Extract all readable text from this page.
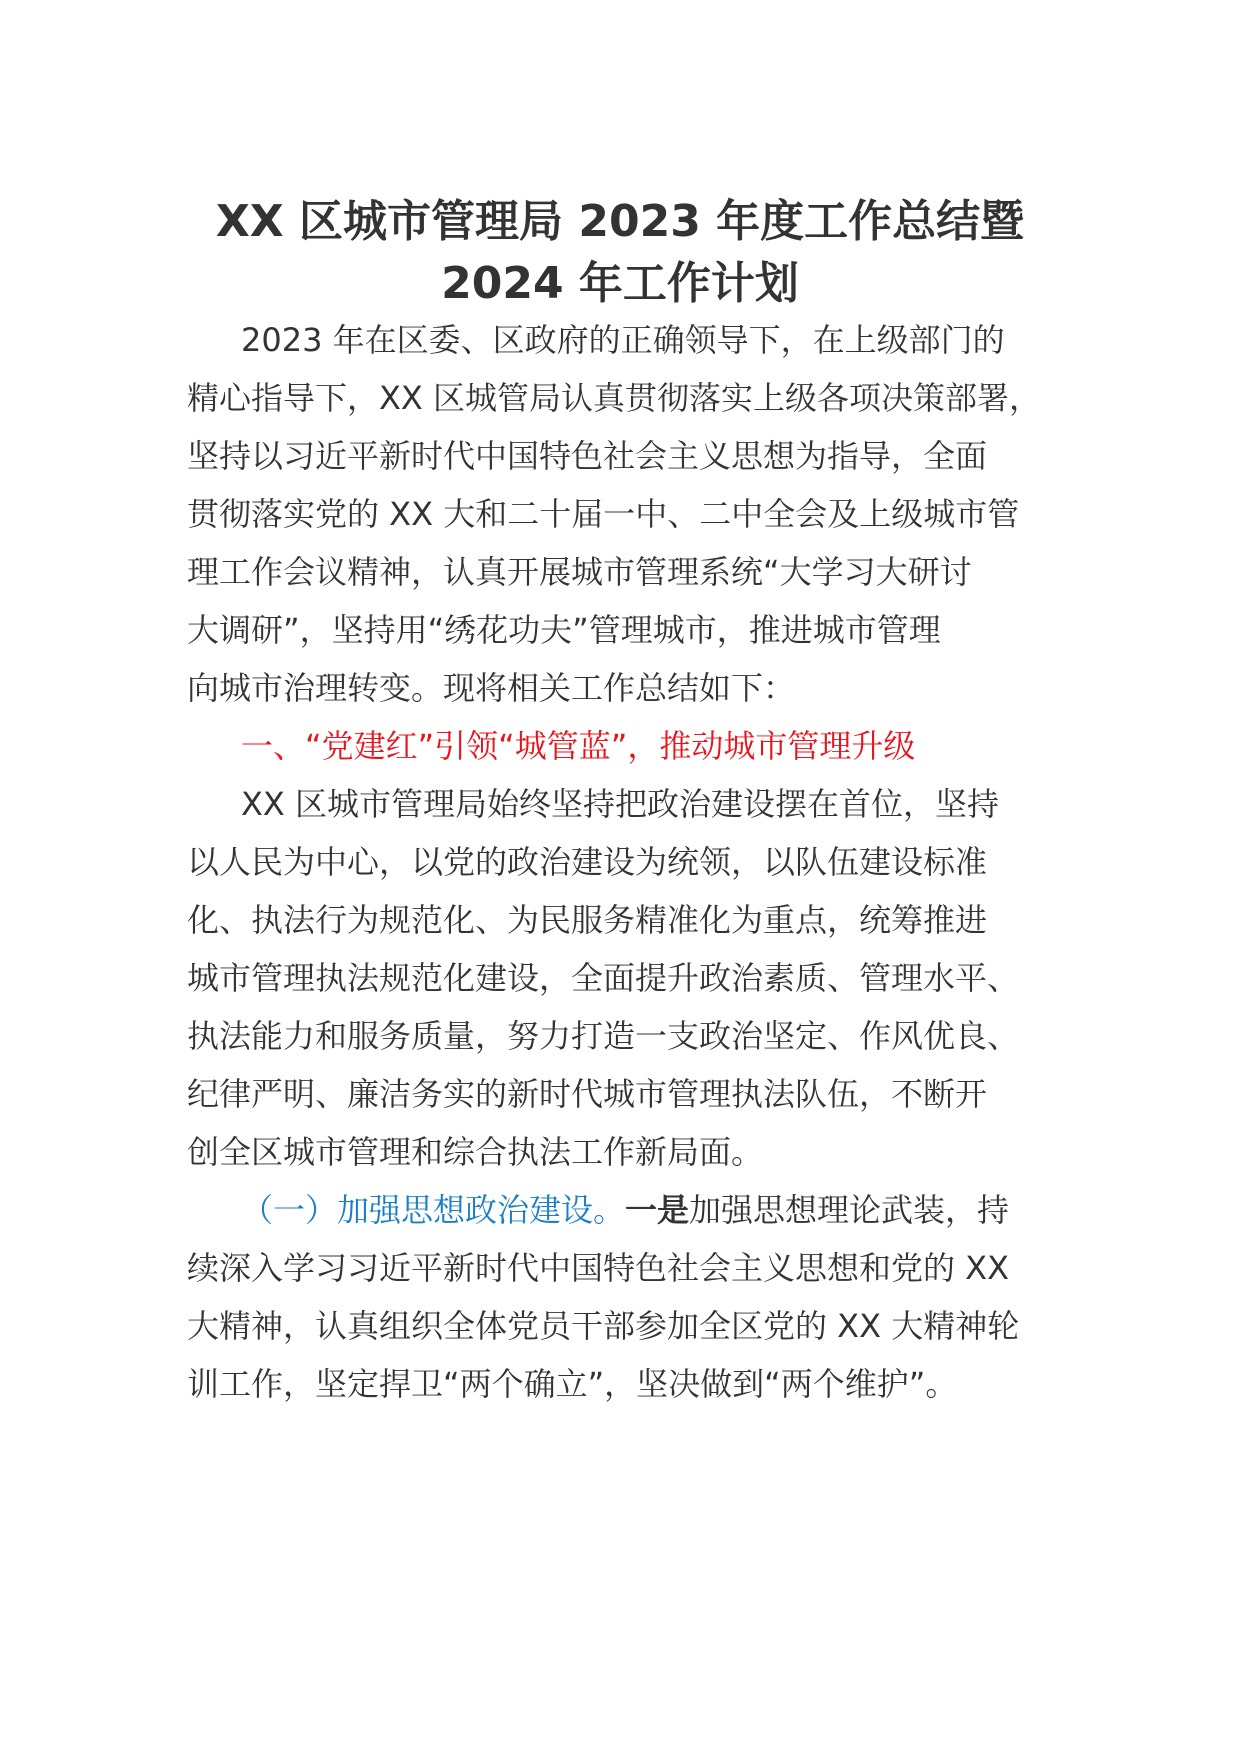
XX 区城市管理局 2023 年度工作总结暨
2024 年工作计划
2023 年在区委、区政府的正确领导下，在上级部门的
精心指导下，XX 区城管局认真贯彻落实上级各项决策部署，
坚持以习近平新时代中国特色社会主义思想为指导，全面
贯彻落实党的 XX 大和二十届一中、二中全会及上级城市管
理工作会议精神，认真开展城市管理系统“大学习大研讨
大调研”，坚持用“绣花功夫”管理城市，推进城市管理
向城市治理转变。现将相关工作总结如下：
一、“党建红”引领“城管蓝”，推动城市管理升级
XX 区城市管理局始终坚持把政治建设摆在首位，坚持
以人民为中心，以党的政治建设为统领，以队伍建设标准
化、执法行为规范化、为民服务精准化为重点，统筹推进
城市管理执法规范化建设，全面提升政治素质、管理水平、
执法能力和服务质量，努力打造一支政治坚定、作风优良、
纪律严明、廉洁务实的新时代城市管理执法队伍，不断开
创全区城市管理和综合执法工作新局面。
（一）加强思想政治建设。一是加强思想理论武装，持
续深入学习习近平新时代中国特色社会主义思想和党的 XX
大精神，认真组织全体党员干部参加全区党的 XX 大精神轮
训工作，坚定捍卫“两个确立”，坚决做到“两个维护”。
